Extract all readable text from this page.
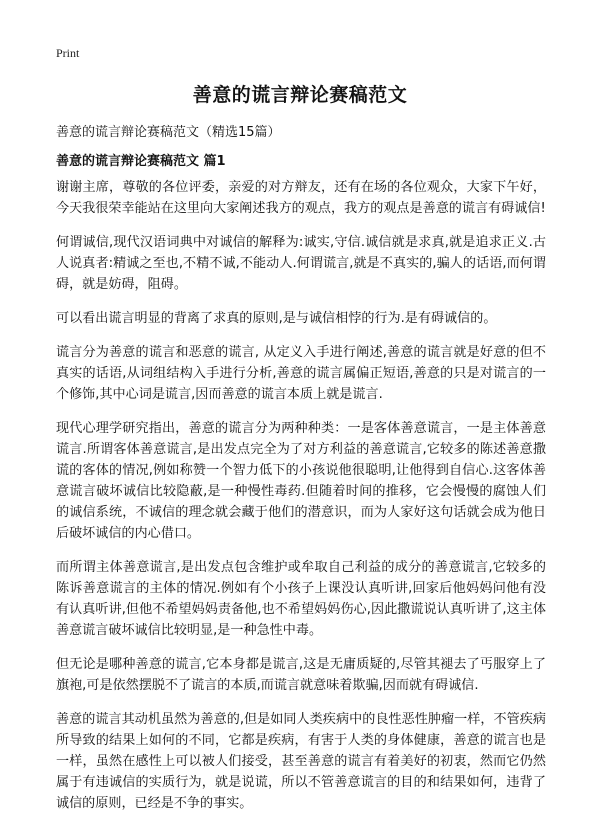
Print
善意的谎言辩论赛稿范文
善意的谎言辩论赛稿范文（精选15篇）
善意的谎言辩论赛稿范文 篇1

谢谢主席，尊敬的各位评委，亲爱的对方辩友，还有在场的各位观众，大家下午好，今天我很荣幸能站在这里向大家阐述我方的观点，我方的观点是善意的谎言有碍诚信!

何谓诚信,现代汉语词典中对诚信的解释为:诚实,守信.诚信就是求真,就是追求正义.古人说真者:精诚之至也,不精不诚,不能动人.何谓谎言,就是不真实的,骗人的话语,而何谓碍，就是妨碍，阻碍。

可以看出谎言明显的背离了求真的原则,是与诚信相悖的行为.是有碍诚信的。

谎言分为善意的谎言和恶意的谎言, 从定义入手进行阐述,善意的谎言就是好意的但不真实的话语,从词组结构入手进行分析,善意的谎言属偏正短语,善意的只是对谎言的一个修饰,其中心词是谎言,因而善意的谎言本质上就是谎言.

现代心理学研究指出，善意的谎言分为两种种类：一是客体善意谎言，一是主体善意谎言.所谓客体善意谎言,是出发点完全为了对方利益的善意谎言,它较多的陈述善意撒谎的客体的情况,例如称赞一个智力低下的小孩说他很聪明,让他得到自信心.这客体善意谎言破坏诚信比较隐蔽,是一种慢性毒药.但随着时间的推移，它会慢慢的腐蚀人们的诚信系统，不诚信的理念就会藏于他们的潜意识，而为人家好这句话就会成为他日后破坏诚信的内心借口。

而所谓主体善意谎言,是出发点包含维护或牟取自己利益的成分的善意谎言,它较多的陈诉善意谎言的主体的情况.例如有个小孩子上课没认真听讲,回家后他妈妈问他有没有认真听讲,但他不希望妈妈责备他,也不希望妈妈伤心,因此撒谎说认真听讲了,这主体善意谎言破坏诚信比较明显,是一种急性中毒。

但无论是哪种善意的谎言,它本身都是谎言,这是无庸质疑的,尽管其褪去了丐服穿上了旗袍,可是依然摆脱不了谎言的本质,而谎言就意味着欺骗,因而就有碍诚信.

善意的谎言其动机虽然为善意的,但是如同人类疾病中的良性恶性肿瘤一样，不管疾病所导致的结果上如何的不同，它都是疾病，有害于人类的身体健康，善意的谎言也是一样，虽然在感性上可以被人们接受，甚至善意的谎言有着美好的初衷，然而它仍然属于有违诚信的实质行为，就是说谎，所以不管善意谎言的目的和结果如何，违背了诚信的原则，已经是不争的事实。
